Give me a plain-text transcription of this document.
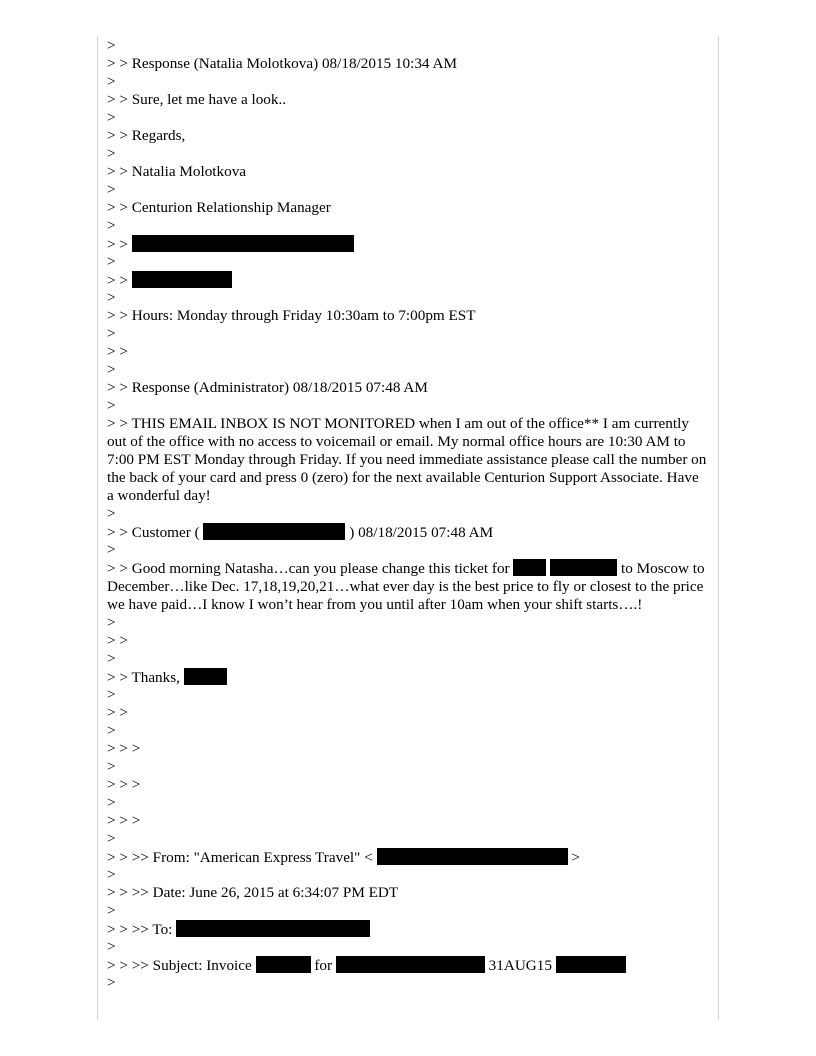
>
> > Response (Natalia Molotkova) 08/18/2015 10:34 AM
>
> > Sure, let me have a look..
>
> > Regards,
>
> > Natalia Molotkova
>
> > Centurion Relationship Manager
>
> >
>
> >
>
> > Hours: Monday through Friday 10:30am to 7:00pm EST
>
> >
>
> > Response (Administrator) 08/18/2015 07:48 AM
>

> > THIS EMAIL INBOX IS NOT MONITORED when I am out of the office** I am currently out of the office with no access to voicemail or email. My normal office hours are 10:30 AM to 7:00 PM EST Monday through Friday. If you need immediate assistance please call the number on the back of your card and press 0 (zero) for the next available Centurion Support Associate. Have a wonderful day!

>
> > Customer (	) 08/18/2015 07:48 AM
>

> > Good morning Natasha…can you please change this ticket for	to Moscow to December…like Dec. 17,18,19,20,21…what ever day is the best price to fly or closest to the price we have paid…I know I won’t hear from you until after 10am when your shift starts….!

>
> >
>
> > Thanks,
>
> >
>
> > >
>
> > >
>
> > >
>
> > >> From: "American Express Travel" <	>
>
> > >> Date: June 26, 2015 at 6:34:07 PM EDT
>
> > >> To:
>
> > >> Subject: Invoice	for	31AUG15
>
